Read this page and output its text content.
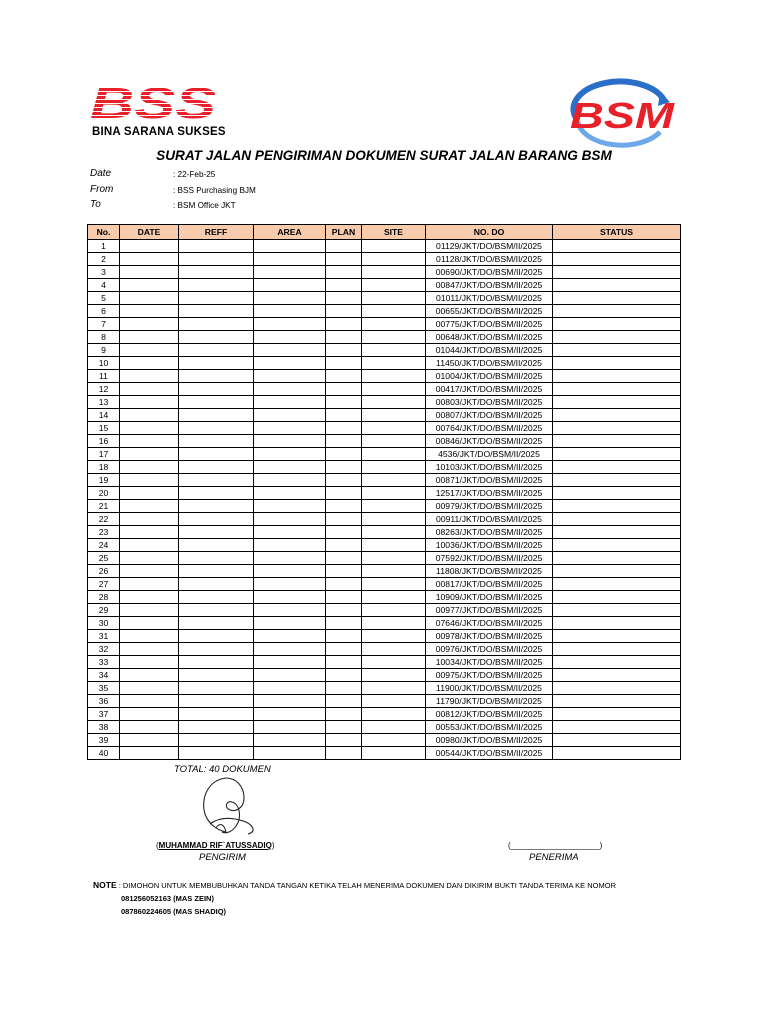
BSS
BINA SARANA SUKSES	BSM
SURAT JALAN PENGIRIMAN DOKUMEN SURAT JALAN BARANG BSM
Date	: 22-Feb-25
From	: BSS Purchasing BJM
To	: BSM Office JKT
No.	DATE	REFF	AREA	PLAN	SITE	NO. DO	STATUS
1						01129/JKT/DO/BSM/II/2025	
2						01128/JKT/DO/BSM/II/2025	
3						00690/JKT/DO/BSM/II/2025	
4						00847/JKT/DO/BSM/II/2025	
5						01011/JKT/DO/BSM/II/2025	
6						00655/JKT/DO/BSM/II/2025	
7						00775/JKT/DO/BSM/II/2025	
8						00648/JKT/DO/BSM/II/2025	
9						01044/JKT/DO/BSM/II/2025	
10						11450/JKT/DO/BSM/II/2025	
11						01004/JKT/DO/BSM/II/2025	
12						00417/JKT/DO/BSM/II/2025	
13						00803/JKT/DO/BSM/II/2025	
14						00807/JKT/DO/BSM/II/2025	
15						00764/JKT/DO/BSM/II/2025	
16						00846/JKT/DO/BSM/II/2025	
17						4536/JKT/DO/BSM/II/2025	
18						10103/JKT/DO/BSM/II/2025	
19						00871/JKT/DO/BSM/II/2025	
20						12517/JKT/DO/BSM/II/2025	
21						00979/JKT/DO/BSM/II/2025	
22						00911/JKT/DO/BSM/II/2025	
23						08263/JKT/DO/BSM/II/2025	
24						10036/JKT/DO/BSM/II/2025	
25						07592/JKT/DO/BSM/II/2025	
26						11808/JKT/DO/BSM/II/2025	
27						00817/JKT/DO/BSM/II/2025	
28						10909/JKT/DO/BSM/II/2025	
29						00977/JKT/DO/BSM/II/2025	
30						07646/JKT/DO/BSM/II/2025	
31						00978/JKT/DO/BSM/II/2025	
32						00976/JKT/DO/BSM/II/2025	
33						10034/JKT/DO/BSM/II/2025	
34						00975/JKT/DO/BSM/II/2025	
35						11900/JKT/DO/BSM/II/2025	
36						11790/JKT/DO/BSM/II/2025	
37						00812/JKT/DO/BSM/II/2025	
38						00553/JKT/DO/BSM/II/2025	
39						00980/JKT/DO/BSM/II/2025	
40						00544/JKT/DO/BSM/II/2025	
TOTAL: 40 DOKUMEN
(MUHAMMAD RIF`ATUSSADIQ)
PENGIRIM
(____________________)
PENERIMA
NOTE : DIMOHON UNTUK MEMBUBUHKAN TANDA TANGAN KETIKA TELAH MENERIMA DOKUMEN DAN DIKIRIM BUKTI TANDA TERIMA KE NOMOR
081256052163 (MAS ZEIN)
087860224605 (MAS SHADIQ)
